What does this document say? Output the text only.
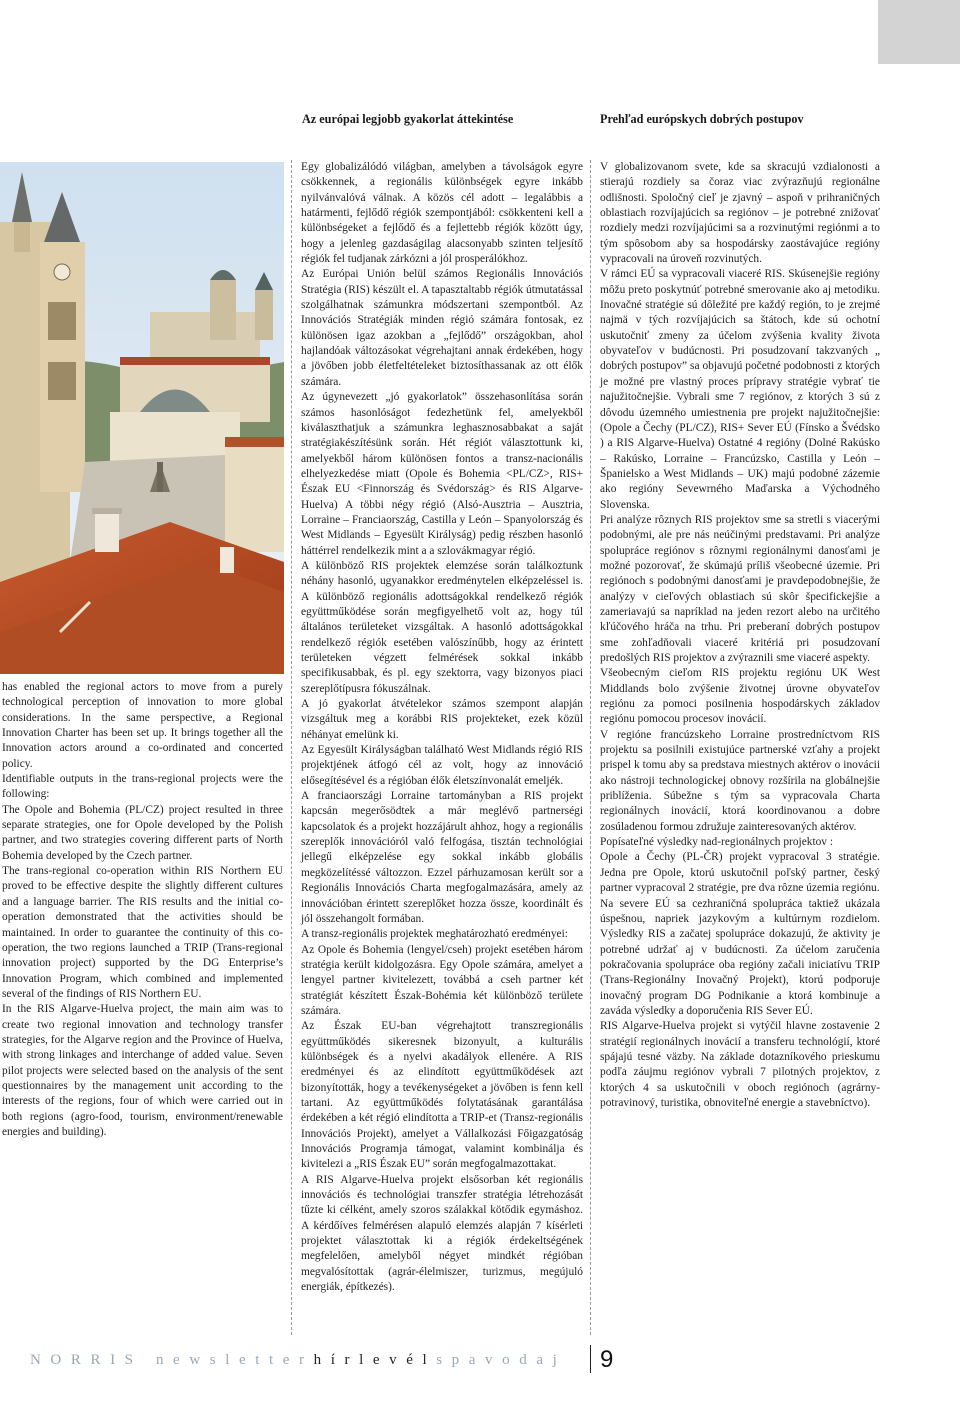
Az európai legjobb gyakorlat áttekintése	Prehľad európskych dobrých postupov

has enabled the regional actors to move from a purely technological perception of innovation to more global considerations. In the same perspective, a Regional Innovation Charter has been set up. It brings together all the Innovation actors around a co-ordinated and concerted policy.

Identifiable outputs in the trans-regional projects were the following:

The Opole and Bohemia (PL/CZ) project resulted in three separate strategies, one for Opole developed by the Polish partner, and two strategies covering different parts of North Bohemia developed by the Czech partner.

The trans-regional co-operation within RIS Northern EU proved to be effective despite the slightly different cultures and a language barrier. The RIS results and the initial co-operation demonstrated that the activities should be maintained. In order to guarantee the continuity of this co-operation, the two regions launched a TRIP (Trans-regional innovation project) supported by the DG Enterprise’s Innovation Program, which combined and implemented several of the findings of RIS Northern EU.

In the RIS Algarve-Huelva project, the main aim was to create two regional innovation and technology transfer strategies, for the Algarve region and the Province of Huelva, with strong linkages and interchange of added value. Seven pilot projects were selected based on the analysis of the sent questionnaires by the management unit according to the interests of the regions, four of which were carried out in both regions (agro-food, tourism, environment/renewable energies and building).

Egy globalizálódó világban, amelyben a távolságok egyre csökkennek, a regionális különbségek egyre inkább nyilvánvalóvá válnak. A közös cél adott – legalábbis a határmenti, fejlődő régiók szempontjából: csökkenteni kell a különbségeket a fejlődő és a fejlettebb régiók között úgy, hogy a jelenleg gazdaságilag alacsonyabb szinten teljesítő régiók fel tudjanak zárkózni a jól prosperálókhoz.

Az Európai Unión belül számos Regionális Innovációs Stratégia (RIS) készült el. A tapasztaltabb régiók útmutatással szolgálhatnak számunkra módszertani szempontból. Az Innovációs Stratégiák minden régió számára fontosak, ez különösen igaz azokban a „fejlődő” országokban, ahol hajlandóak változásokat végrehajtani annak érdekében, hogy a jövőben jobb életfeltételeket biztosíthassanak az ott élők számára.

Az úgynevezett „jó gyakorlatok” összehasonlítása során számos hasonlóságot fedezhetünk fel, amelyekből kiválaszthatjuk a számunkra leghasznosabbakat a saját stratégiakészítésünk során. Hét régiót választottunk ki, amelyekből három különösen fontos a transz-nacionális elhelyezkedése miatt (Opole és Bohemia <PL/CZ>, RIS+ Észak EU <Finnország és Svédország> és RIS Algarve-Huelva) A többi négy régió (Alsó-Ausztria – Ausztria, Lorraine – Franciaország, Castilla y León – Spanyolország és West Midlands – Egyesült Királyság) pedig részben hasonló háttérrel rendelkezik mint a a szlovákmagyar régió.

A különböző RIS projektek elemzése során találkoztunk néhány hasonló, ugyanakkor eredménytelen elképzeléssel is. A különböző regionális adottságokkal rendelkező régiók együttműködése során megfigyelhető volt az, hogy túl általános területeket vizsgáltak. A hasonló adottságokkal rendelkező régiók esetében valószínűbb, hogy az érintett területeken végzett felmérések sokkal inkább specifikusabbak, és pl. egy szektorra, vagy bizonyos piaci szereplőtípusra fókuszálnak.

A jó gyakorlat átvételekor számos szempont alapján vizsgáltuk meg a korábbi RIS projekteket, ezek közül néhányat emelünk ki.

Az Egyesült Királyságban található West Midlands régió RIS projektjének átfogó cél az volt, hogy az innováció elősegítésével és a régióban élők életszínvonalát emeljék.

A franciaországi Lorraine tartományban a RIS projekt kapcsán megerősödtek a már meglévő partnerségi kapcsolatok és a projekt hozzájárult ahhoz, hogy a regionális szereplők innovációról való felfogása, tisztán technológiai jellegű elképzelése egy sokkal inkább globális megközelítéssé változzon. Ezzel párhuzamosan került sor a Regionális Innovációs Charta megfogalmazására, amely az innovációban érintett szereplőket hozza össze, koordinált és jól összehangolt formában.

A transz-regionális projektek meghatározható eredményei:

Az Opole és Bohemia (lengyel/cseh) projekt esetében három stratégia került kidolgozásra. Egy Opole számára, amelyet a lengyel partner kivitelezett, továbbá a cseh partner két stratégiát készített Észak-Bohémia két különböző területe számára.

Az Észak EU-ban végrehajtott transzregionális együttműködés sikeresnek bizonyult, a kulturális különbségek és a nyelvi akadályok ellenére. A RIS eredményei és az elindított együttműködések azt bizonyították, hogy a tevékenységeket a jövőben is fenn kell tartani. Az együttműködés folytatásának garantálása érdekében a két régió elindította a TRIP-et (Transz-regionális Innovációs Projekt), amelyet a Vállalkozási Főigazgatóság Innovációs Programja támogat, valamint kombinálja és kivitelezi a „RIS Észak EU” során megfogalmazottakat.

A RIS Algarve-Huelva projekt elsősorban két regionális innovációs és technológiai transzfer stratégia létrehozását tűzte ki célként, amely szoros szálakkal kötődik egymáshoz. A kérdőíves felmérésen alapuló elemzés alapján 7 kísérleti projektet választottak ki a régiók érdekeltségének megfelelően, amelyből négyet mindkét régióban megvalósítottak (agrár-élelmiszer, turizmus, megújuló energiák, építkezés).

V globalizovanom svete, kde sa skracujú vzdialonosti a stierajú rozdiely sa čoraz viac zvýrazňujú regionálne odlišnosti. Spoločný cieľ je zjavný – aspoň v prihraničných oblastiach rozvíjajúcich sa regiónov – je potrebné znižovať rozdiely medzi rozvíjajúcimi sa a rozvinutými regiónmi a to tým spôsobom aby sa hospodársky zaostávajúce regióny vypracovali na úroveň rozvinutých.

V rámci EÚ sa vypracovali viaceré RIS. Skúsenejšie regióny môžu preto poskytnúť potrebné smerovanie ako aj metodiku. Inovačné stratégie sú dôležité pre každý región, to je zrejmé najmä v tých rozvíjajúcich sa štátoch, kde sú ochotní uskutočniť zmeny za účelom zvýšenia kvality života obyvateľov v budúcnosti. Pri posudzovaní takzvaných „ dobrých postupov” sa objavujú početné podobnosti z ktorých je možné pre vlastný proces prípravy stratégie vybrať tie najužitočnejšie. Vybrali sme 7 regiónov, z ktorých 3 sú z dôvodu územného umiestnenia pre projekt najužitočnejšie: (Opole a Čechy (PL/CZ), RIS+ Sever EÚ (Fínsko a Švédsko ) a RIS Algarve-Huelva) Ostatné 4 regióny (Dolné Rakúsko – Rakúsko, Lorraine – Francúzsko, Castilla y León – Španielsko a West Midlands – UK) majú podobné zázemie ako regióny Sevewrného Maďarska a Východného Slovenska.

Pri analýze rôznych RIS projektov sme sa stretli s viacerými podobnými, ale pre nás neúčinými predstavami. Pri analýze spolupráce regiónov s rôznymi regionálnymi danosťami je možné pozorovať, že skúmajú príliš všeobecné územie. Pri regiónoch s podobnými danosťami je pravdepodobnejšie, že analýzy v cieľových oblastiach sú skôr špecifickejšie a zameriavajú sa napríklad na jeden rezort alebo na určitého kľúčového hráča na trhu. Pri preberaní dobrých postupov sme zohľadňovali viaceré kritériá pri posudzovaní predošlých RIS projektov a zvýraznili sme viaceré aspekty.

Všeobecným cieľom RIS projektu regiónu UK West Middlands bolo zvýšenie životnej úrovne obyvateľov regiónu za pomoci posilnenia hospodárskych základov regiónu pomocou procesov inovácií.

V regióne francúzskeho Lorraine prostredníctvom RIS projektu sa posilnili existujúce partnerské vzťahy a projekt prispel k tomu aby sa predstava miestnych aktérov o inovácii ako nástroji technologickej obnovy rozšírila na globálnejšie priblíženia. Súbežne s tým sa vypracovala Charta regionálnych inovácií, ktorá koordinovanou a dobre zosúladenou formou združuje zainteresovaných aktérov.

Popísateľné výsledky nad-regionálnych projektov :

Opole a Čechy (PL-ČR) projekt vypracoval 3 stratégie. Jedna pre Opole, ktorú uskutočnil poľský partner, český partner vypracoval 2 stratégie, pre dva rôzne územia regiónu.

Na severe EÚ sa cezhraničná spolupráca taktiež ukázala úspešnou, napriek jazykovým a kultúrnym rozdielom. Výsledky RIS a začatej spolupráce dokazujú, že aktivity je potrebné udržať aj v budúcnosti. Za účelom zaručenia pokračovania spolupráce oba regióny začali iniciatívu TRIP (Trans-Regionálny Inovačný Projekt), ktorú podporuje inovačný program DG Podnikanie a ktorá kombinuje a zaváda výsledky a doporučenia RIS Sever EÚ.

RIS Algarve-Huelva projekt si vytýčil hlavne zostavenie 2 stratégií regionálnych inovácií a transferu technológií, ktoré spájajú tesné väzby. Na základe dotazníkového prieskumu podľa záujmu regiónov vybrali 7 pilotných projektov, z ktorých 4 sa uskutočnili v oboch regiónoch (agrárny-potravinový, turistika, obnoviteľné energie a stavebníctvo).

NORRIS newsletterhírlevélspavodaj 9
